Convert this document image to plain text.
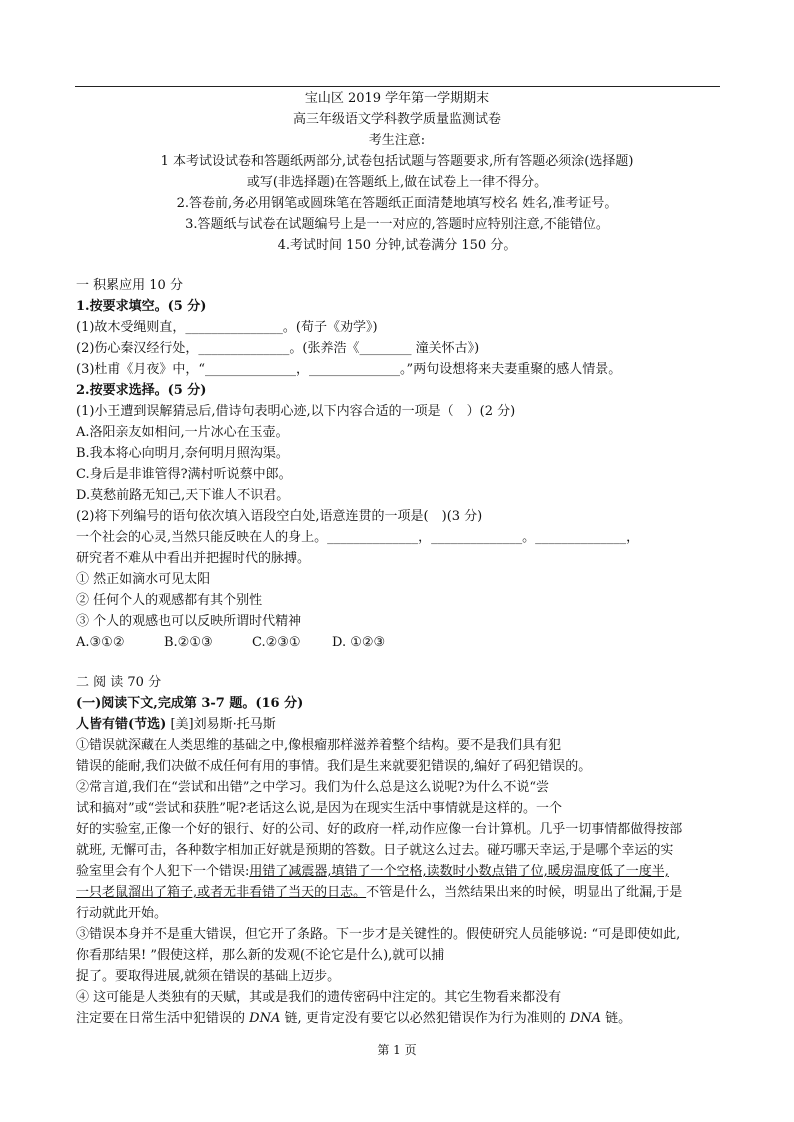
宝山区 2019 学年第一学期期末
高三年级语文学科教学质量监测试卷
考生注意:
1 本考试设试卷和答题纸两部分,试卷包括试题与答题要求,所有答题必须涂(选择题)
或写(非选择题)在答题纸上,做在试卷上一律不得分。
2.答卷前,务必用钢笔或圆珠笔在答题纸正面清楚地填写校名 姓名,准考证号。
3.答题纸与试卷在试题编号上是一一对应的,答题时应特别注意,不能错位。
4.考试时间 150 分钟,试卷满分 150 分。
一 积累应用 10 分
1.按要求填空。(5 分)
(1)故木受绳则直，_______________。(荀子《劝学》)
(2)伤心秦汉经行处，______________。(张养浩《________ 潼关怀古》)
(3)杜甫《月夜》中，“______________，______________。”两句设想将来夫妻重聚的感人情景。
2.按要求选择。(5 分)
(1)小王遭到误解猜忌后,借诗句表明心迹,以下内容合适的一项是（　）(2 分)
A.洛阳亲友如相问,一片冰心在玉壶。
B.我本将心向明月,奈何明月照沟渠。
C.身后是非谁管得?满村听说蔡中郎。
D.莫愁前路无知己,天下谁人不识君。
(2)将下列编号的语句依次填入语段空白处,语意连贯的一项是(　)(3 分)
一个社会的心灵,当然只能反映在人的身上。______________，______________。______________，
研究者不难从中看出并把握时代的脉搏。
① 然正如滴水可见太阳
② 任何个人的观感都有其个别性
③ 个人的观感也可以反映所谓时代精神
A.③①②	B.②①③	C.②③① D. ①②③
二 阅 读 70 分
(一)阅读下文,完成第 3-7 题。(16 分)
人皆有错(节选) [美]刘易斯·托马斯
①错误就深藏在人类思维的基础之中,像根瘤那样滋养着整个结构。要不是我们具有犯
错误的能耐,我们决做不成任何有用的事情。我们是生来就要犯错误的,编好了码犯错误的。
②常言道,我们在“尝试和出错”之中学习。我们为什么总是这么说呢?为什么不说“尝
试和搞对”或“尝试和获胜”呢?老话这么说,是因为在现实生活中事情就是这样的。一个
好的实验室,正像一个好的银行、好的公司、好的政府一样,动作应像一台计算机。几乎一切事情都做得按部
就班, 无懈可击，各种数字相加正好就是预期的答数。日子就这么过去。碰巧哪天幸运,于是哪个幸运的实
验室里会有个人犯下一个错误:用错了减震器,填错了一个空格,读数时小数点错了位,暖房温度低了一度半,
一只老鼠溜出了箱子,或者无非看错了当天的日志。不管是什么，当然结果出来的时候，明显出了纰漏,于是
行动就此开始。
③错误本身并不是重大错误，但它开了条路。下一步才是关键性的。假使研究人员能够说: “可是即使如此,
你看那结果! ”假使这样，那么新的发观(不论它是什么),就可以捕
捉了。要取得进展,就须在错误的基础上迈步。
④ 这可能是人类独有的天赋，其或是我们的遗传密码中注定的。其它生物看来都没有
注定要在日常生活中犯错误的 DNA 链, 更肯定没有要它以必然犯错误作为行为准则的 DNA 链。
第 1 页
